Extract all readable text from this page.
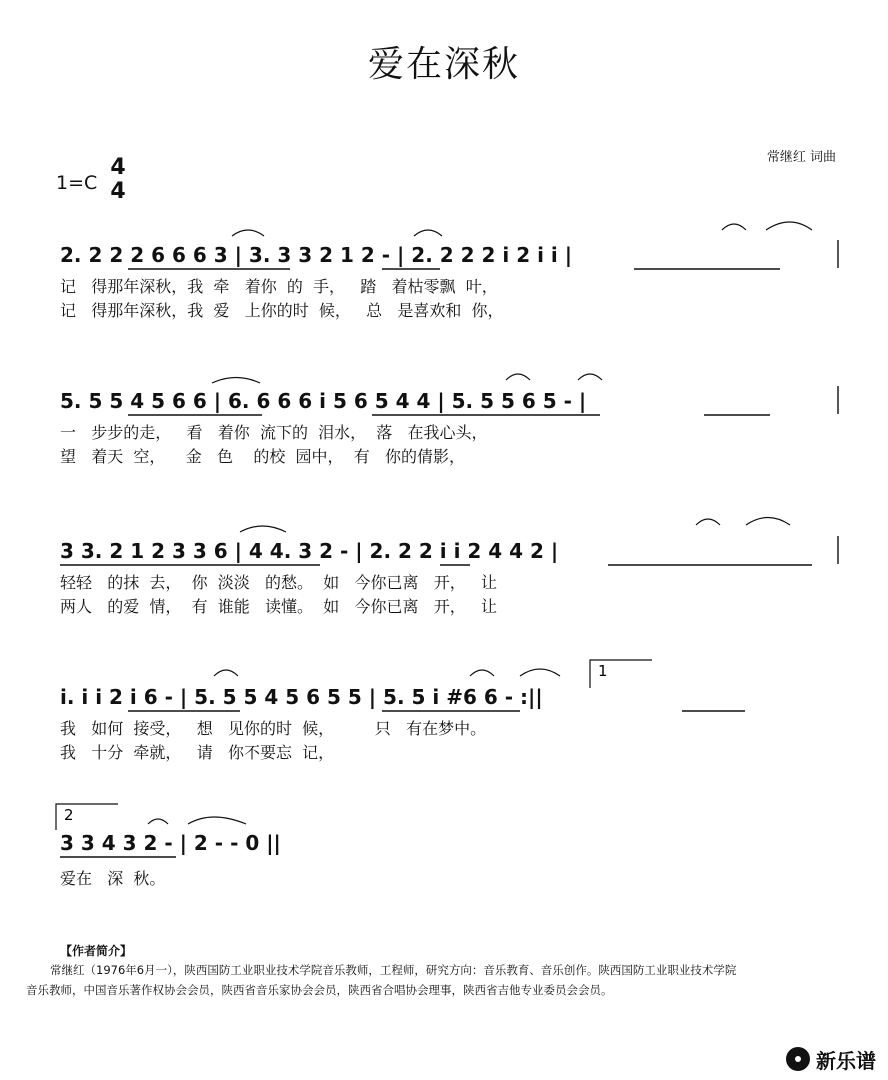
爱在深秋
常继红 词曲
1=C
4
4
2. 2 2 2 6 6 6 3 | 3. 3 3 2 1 2 - | 2. 2 2 2 i 2 i i |
5. 5 5 4 5 6 6 | 6. 6 6 6 i 5 6 5 4 4 | 5. 5 5 6 5 - |
3 3. 2 1 2 3 3 6 | 4 4. 3 2 - | 2. 2 2 i i 2 4 4 2 |
i. i i 2 i 6 - | 5. 5 5 4 5 6 5 5 | 5. 5 i #6 6 - :||
1
3 3 4 3 2 - | 2 - - 0 ||
2
记   得那年深秋，我  牵   着你  的  手，   踏   着枯零飘  叶，
记   得那年深秋，我  爱   上你的时  候，   总   是喜欢和  你，
一   步步的走，   看   着你  流下的  泪水，  落   在我心头，
望   着天  空，    金   色    的校  园中，  有   你的倩影，
轻轻   的抹  去，  你  淡淡   的愁。  如   今你已离   开，   让
两人   的爱  情，  有  谁能   读懂。  如   今你已离   开，   让
我   如何  接受，   想   见你的时  候，        只   有在梦中。
我   十分  牵就，   请   你不要忘  记，
爱在   深  秋。
【作者简介】

常继红（1976年6月一），陕西国防工业职业技术学院音乐教师，工程师，研究方向：音乐教育、音乐创作。陕西国防工业职业技术学院

音乐教师，中国音乐著作权协会会员，陕西省音乐家协会会员，陕西省合唱协会理事，陕西省吉他专业委员会会员。
新乐谱
